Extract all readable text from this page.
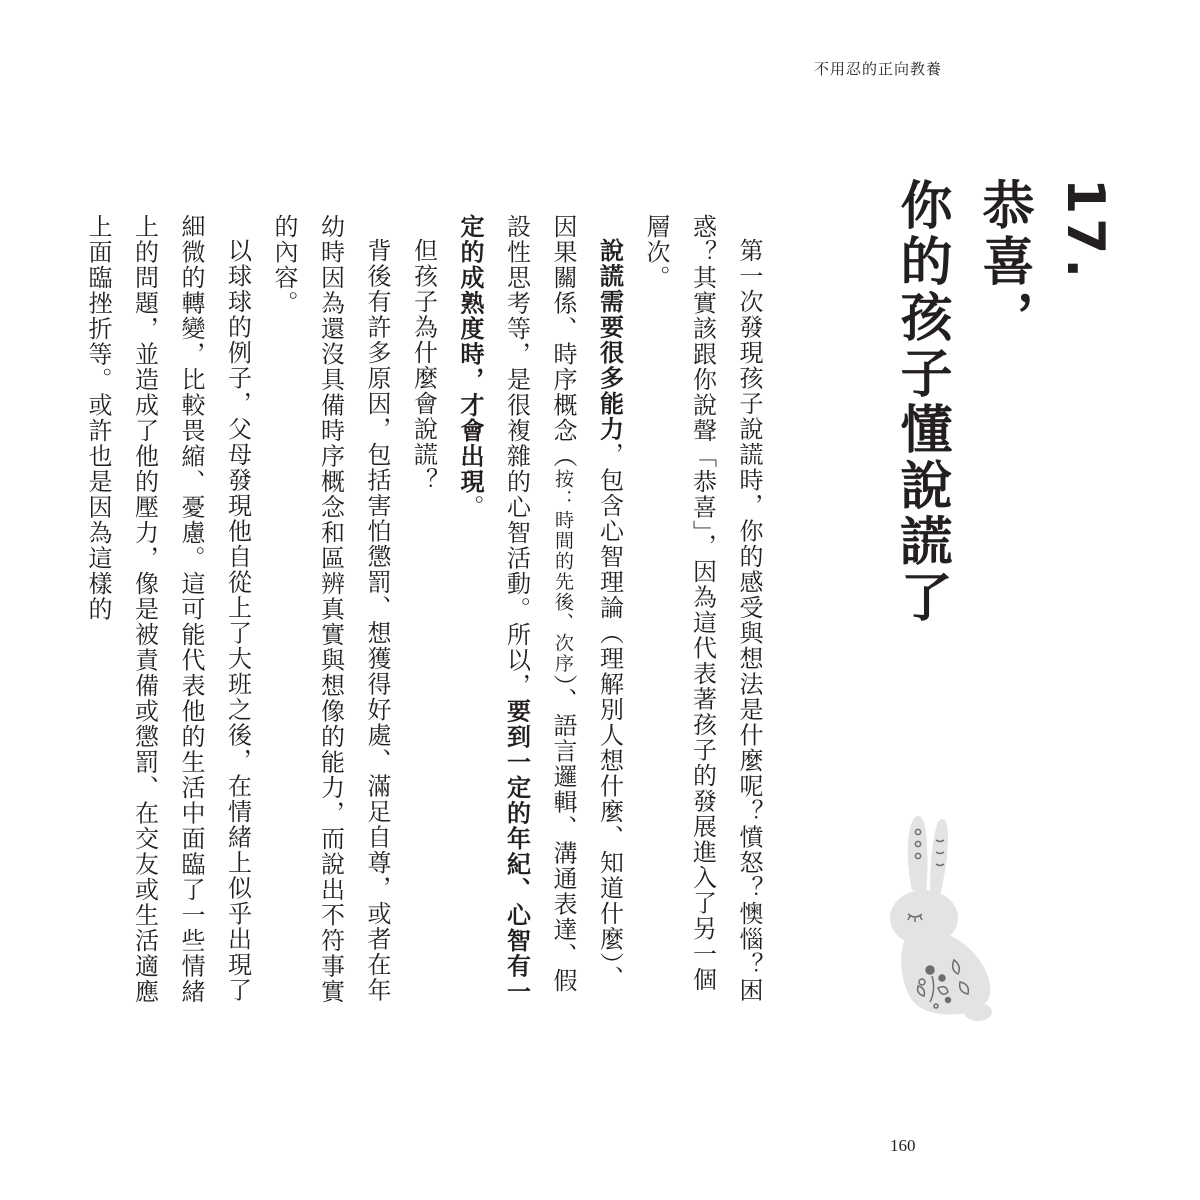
不用忍的正向教養
17.
恭喜，
你的孩子懂說謊了

第一次發現孩子說謊時，你的感受與想法是什麼呢？憤怒？懊惱？困惑？其實該跟你說聲「恭喜」，因為這代表著孩子的發展進入了另一個層次。

說謊需要很多能力，包含心智理論（理解別人想什麼、知道什麼）、因果關係、時序概念（按：時間的先後、次序）、語言邏輯、溝通表達、假設性思考等，是很複雜的心智活動。所以，要到一定的年紀、心智有一定的成熟度時，才會出現。

但孩子為什麼會說謊？

背後有許多原因，包括害怕懲罰、想獲得好處、滿足自尊，或者在年幼時因為還沒具備時序概念和區辨真實與想像的能力，而說出不符事實的內容。

以球球的例子，父母發現他自從上了大班之後，在情緒上似乎出現了細微的轉變，比較畏縮、憂慮。這可能代表他的生活中面臨了一些情緒上的問題，並造成了他的壓力，像是被責備或懲罰、在交友或生活適應上面臨挫折等。或許也是因為這樣的

160
